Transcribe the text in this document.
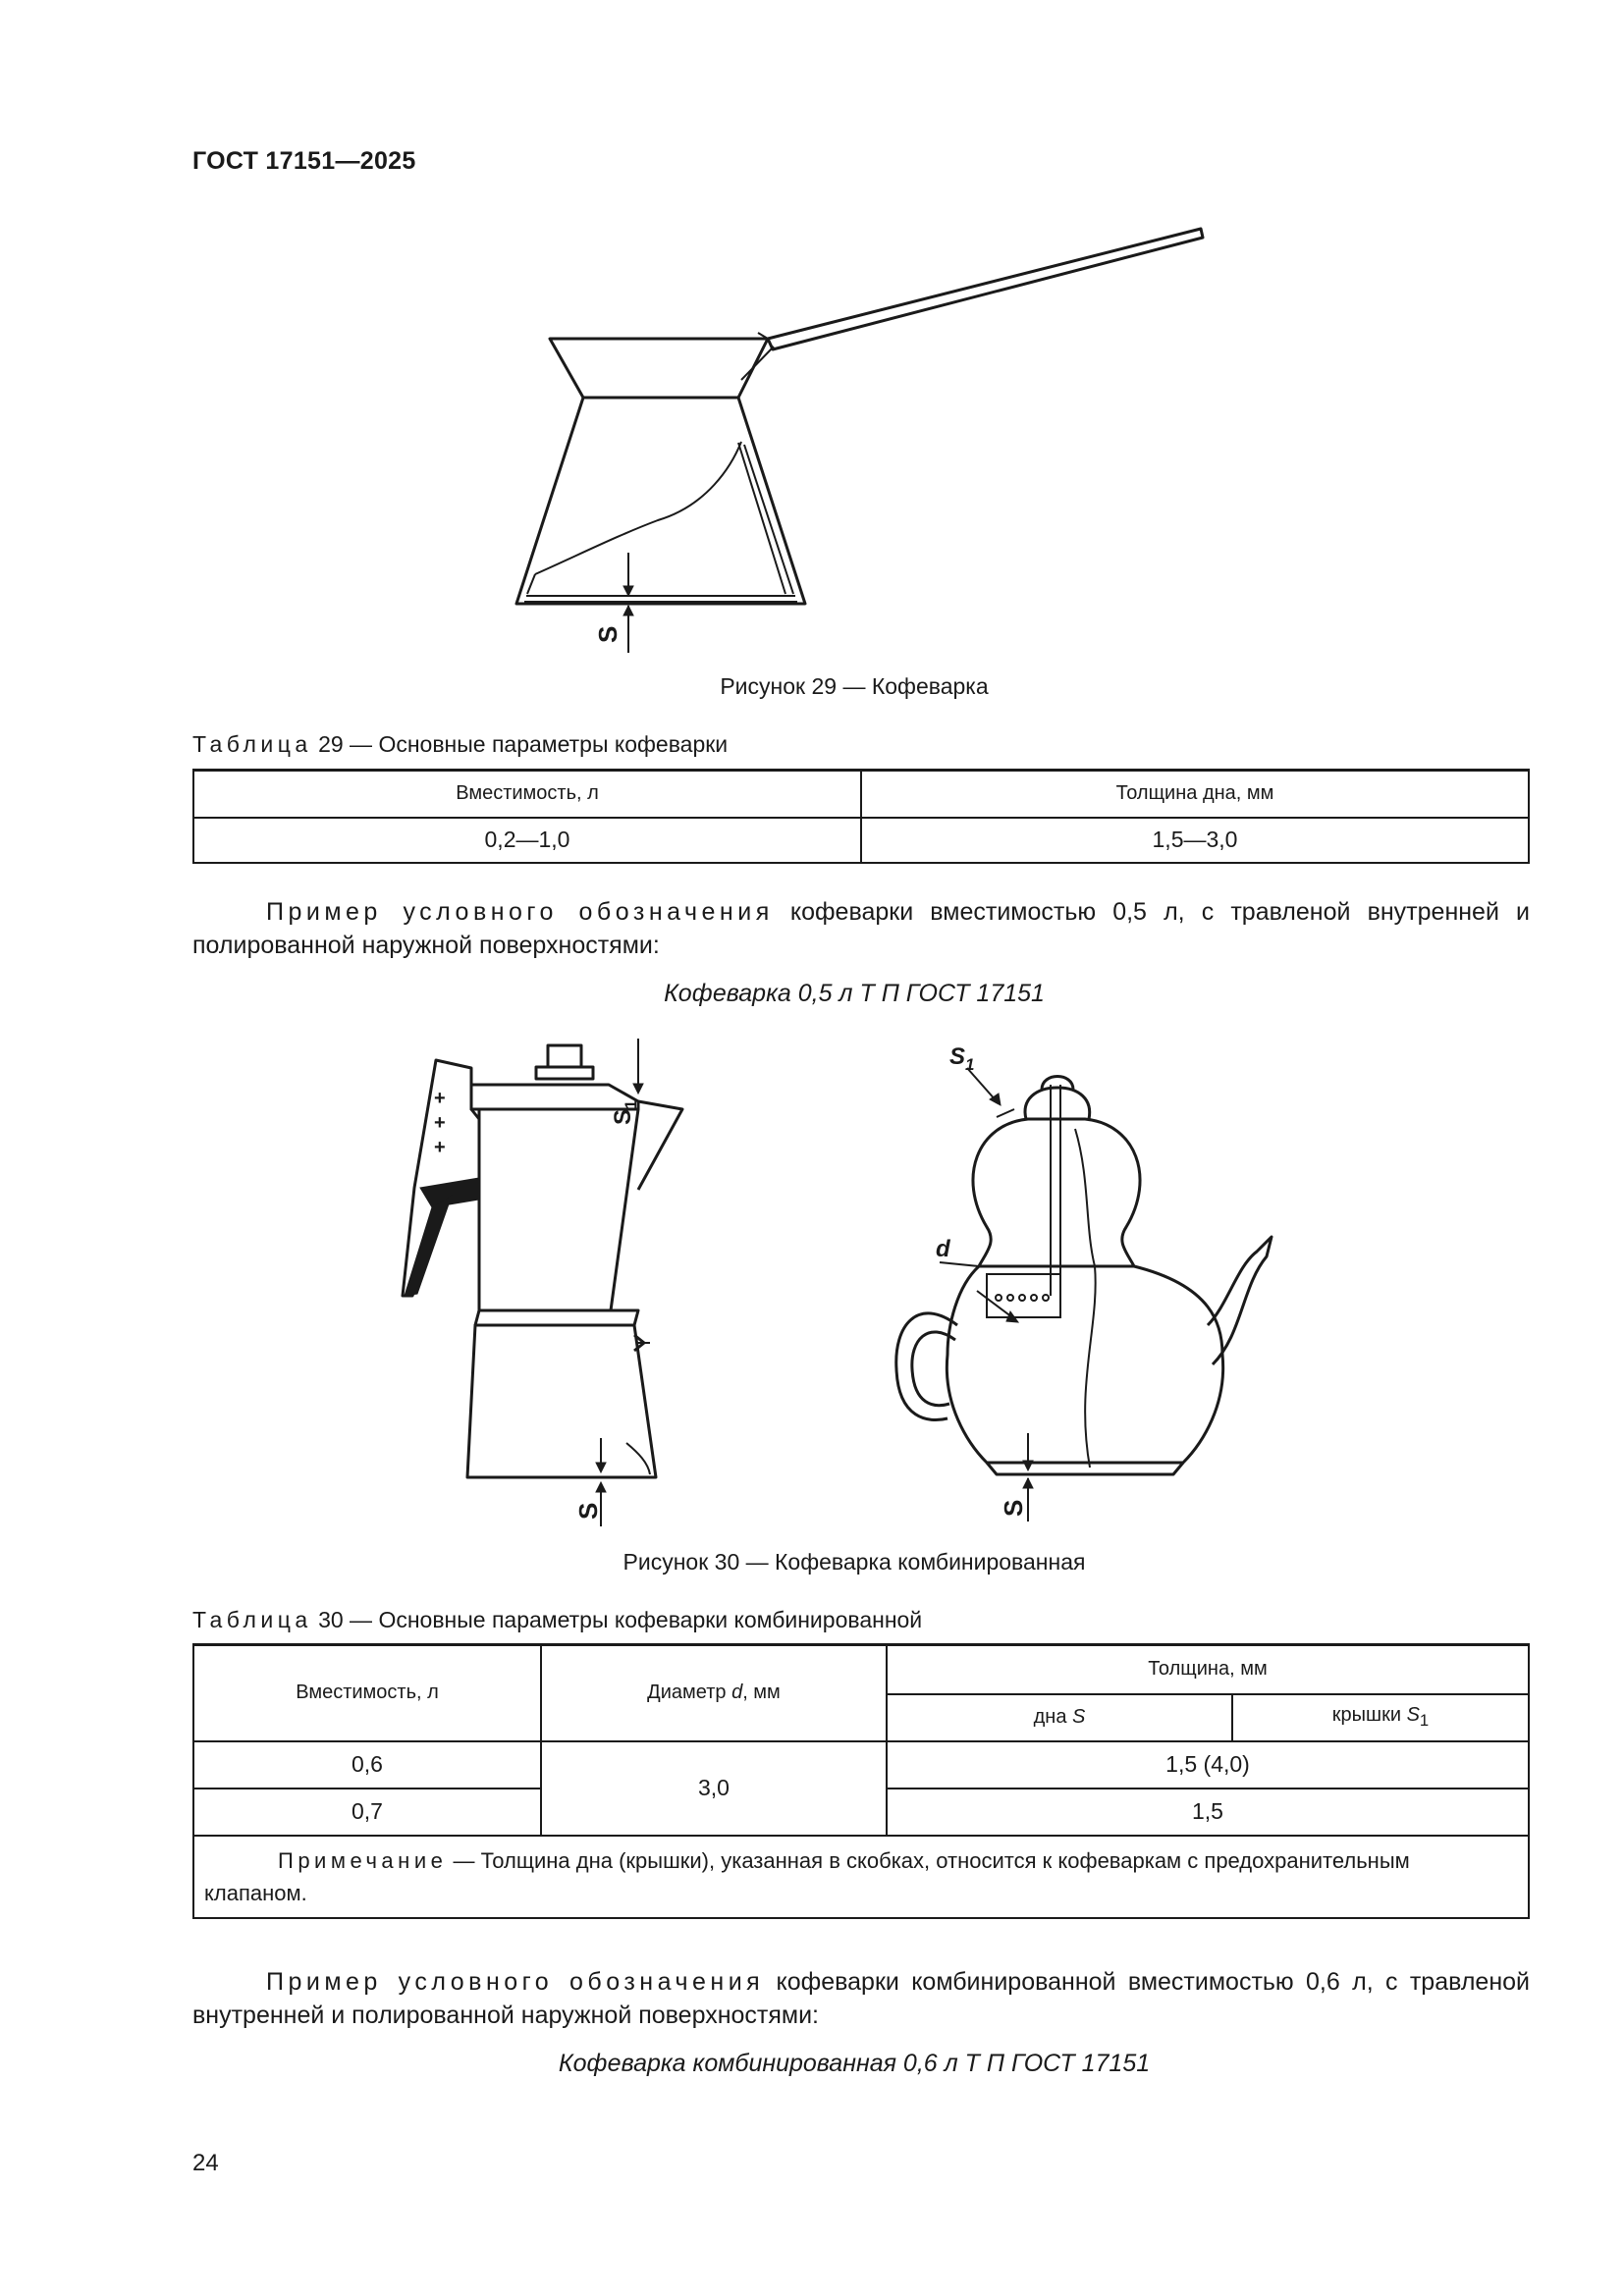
ГОСТ 17151—2025
S
Рисунок 29 — Кофеварка
Таблица 29 — Основные параметры кофеварки
Вместимость, л	Толщина дна, мм
0,2—1,0	1,5—3,0
Пример условного обозначения кофеварки вместимостью 0,5 л, с травленой внутренней и полированной наружной поверхностями:
Кофеварка 0,5 л Т П ГОСТ 17151
+
+
+
$S_1$
S
$S_1$
d
S
Рисунок 30 — Кофеварка комбинированная
Таблица 30 — Основные параметры кофеварки комбинированной
Вместимость, л	Диаметр d, мм	Толщина, мм	
		дна S	крышки $S_1$
0,6	3,0	1,5 (4,0)	
0,7		1,5	
Примечание — Толщина дна (крышки), указанная в скобках, относится к кофеваркам с предохранительным клапаном.			
Пример условного обозначения кофеварки комбинированной вместимостью 0,6 л, с травленой внутренней и полированной наружной поверхностями:
Кофеварка комбинированная 0,6 л Т П ГОСТ 17151
24
